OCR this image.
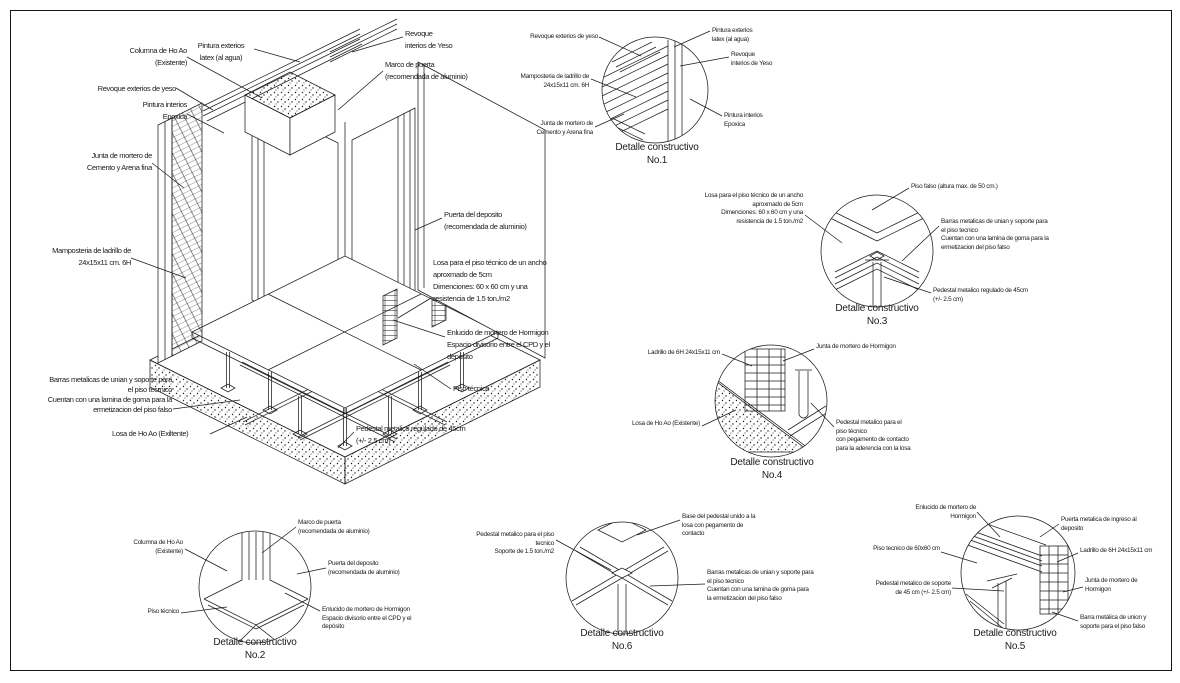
Pintura exterios
latex (al agua)
Columna de Ho Ao
(Existente)
Revoque exterios de yeso
Pintura interios
Epoxica
Junta de mortero de
Cemento y Arena fina
Revoque
interios de Yeso
Marco de puerta
(recomendada de aluminio)
Puerta del deposito
(recomendada de aluminio)
Losa para el piso técnico de un ancho
aproxmado de 5cm
Dimenciones: 60 x 60 cm y una
resistencia de 1.5 ton./m2
Enlucido de mortero de Hormigon
Espacio divisorio entre el CPD y el
depósito
Piso técnico
Pedestal metalico regulado de 45cm
(+/- 2.5 cm)
Mamposteria de ladrillo de
24x15x11 cm. 6H
Barras metalicas de unian y soporte para
el piso tecmico
Cuentan con una lamina de goma para la
ermetizacion del piso falso
Losa de Ho Ao (Exiltente)
Revoque exterios de yeso
Mamposteria de ladrillo de
24x15x11 cm. 6H
Junta de mortero de
Cemento y Arena fina
Pintura exterios
latex (al agua)
Revoque
interios de Yeso
Pintura interios
Epoxica
Detalle constructivo
No.1
Losa para el piso técnico de un ancho
aproxmado de 5cm
Dimenciones: 60 x 60 cm y una
resistencia de 1.5 ton./m2
Piso falso (altura max. de 50 cm.)
Barras metalicas de unian y soporte para
el piso tecnico
Cuentan con una lamina de goma para la
ermetizacion del piso falso
Pedestal metalico regulado de 45cm
(+/- 2.5 cm)
Detalle constructivo
No.3
Ladrillo de 6H 24x15x11 cm
Losa de Ho Ao (Existente)
Junta de mortero de Hormigon
Pedestal metalico para el
piso técnico
con pegamento de contacto
para la aderencia con la losa
Detalle constructivo
No.4
Columna de Ho Ao
(Existente)
Marco de puerta
(recomendada de aluminio)
Puerta del deposito
(recomendada de aluminio)
Piso técnico	Enlucido de mortero de Hormigon
Espacio divisorio entre el CPD y el
depósito
Detalle constructivo
No.2
Pedestal metalico para el piso
tecnico
Soporte de 1.5 ton./m2
Base del pedestal unido a la
losa con pegamento de
contacto
Barras metalicas de unian y soporte para
el piso tecnico
Cuentan con una lamina de goma para
la ermetizacion del piso falso
Detalle constructivo
No.6
Enlucido de mortero de
Hormigon
Piso tecnico de 60x60 cm
Pedestal metalico de soporte
de 45 cm (+/- 2.5 cm)
Puerta metalica de ingreso al
deposito
Ladrillo de 6H 24x15x11 cm
Junta de mortero de
Hormigon
Barra metálica de union y
soporte para el piso falso
Detalle constructivo
No.5
